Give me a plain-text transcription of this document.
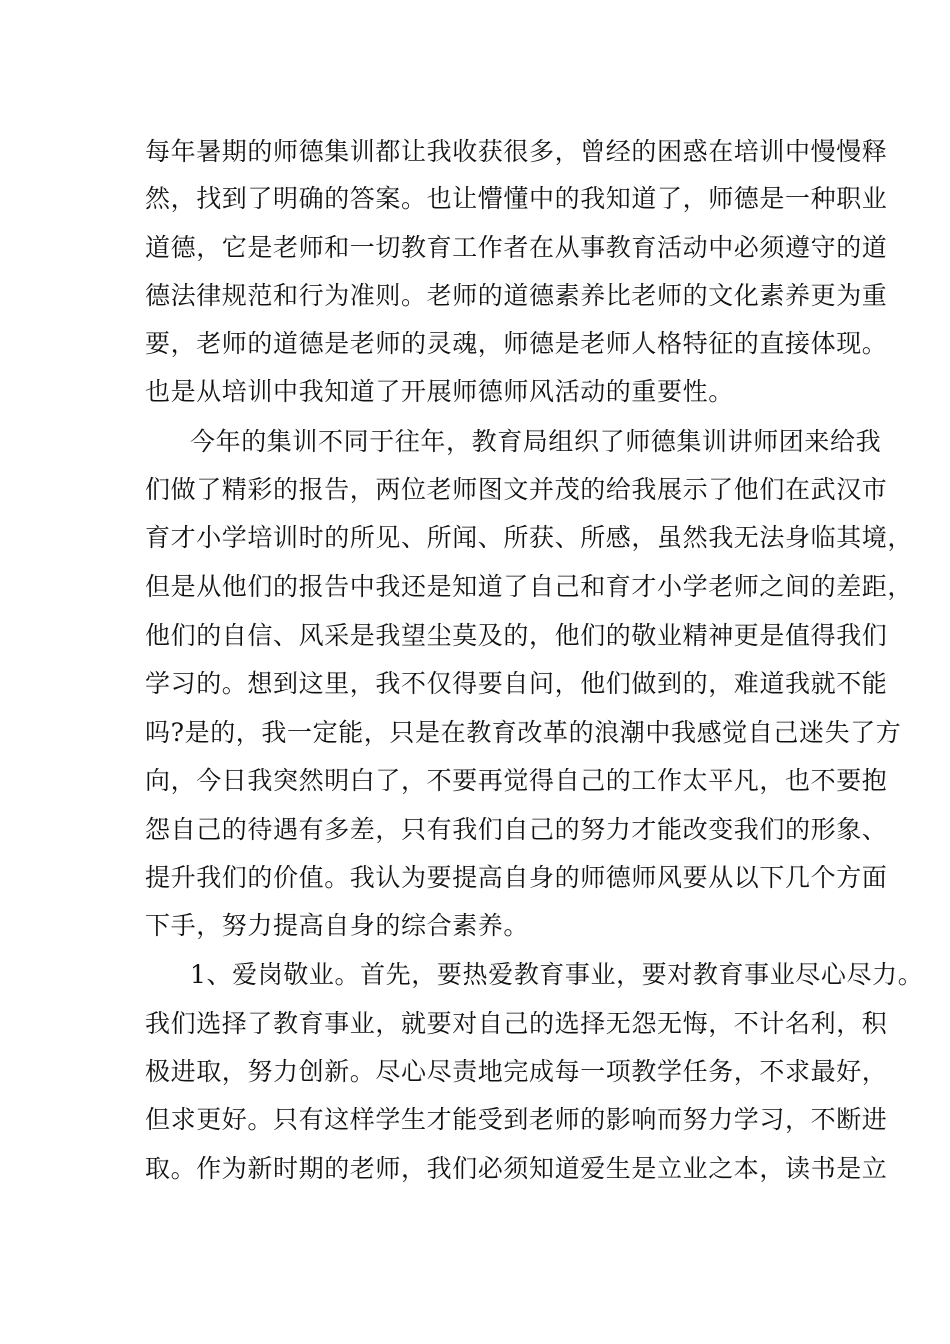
每年暑期的师德集训都让我收获很多，曾经的困惑在培训中慢慢释

然，找到了明确的答案。也让懵懂中的我知道了，师德是一种职业

道德，它是老师和一切教育工作者在从事教育活动中必须遵守的道

德法律规范和行为准则。老师的道德素养比老师的文化素养更为重

要，老师的道德是老师的灵魂，师德是老师人格特征的直接体现。

也是从培训中我知道了开展师德师风活动的重要性。

今年的集训不同于往年，教育局组织了师德集训讲师团来给我

们做了精彩的报告，两位老师图文并茂的给我展示了他们在武汉市

育才小学培训时的所见、所闻、所获、所感，虽然我无法身临其境，

但是从他们的报告中我还是知道了自己和育才小学老师之间的差距，

他们的自信、风采是我望尘莫及的，他们的敬业精神更是值得我们

学习的。想到这里，我不仅得要自问，他们做到的，难道我就不能

吗?是的，我一定能，只是在教育改革的浪潮中我感觉自己迷失了方

向，今日我突然明白了，不要再觉得自己的工作太平凡，也不要抱

怨自己的待遇有多差，只有我们自己的努力才能改变我们的形象、

提升我们的价值。我认为要提高自身的师德师风要从以下几个方面

下手，努力提高自身的综合素养。

1、爱岗敬业。首先，要热爱教育事业，要对教育事业尽心尽力。

我们选择了教育事业，就要对自己的选择无怨无悔，不计名利，积

极进取，努力创新。尽心尽责地完成每一项教学任务，不求最好，

但求更好。只有这样学生才能受到老师的影响而努力学习，不断进

取。作为新时期的老师，我们必须知道爱生是立业之本，读书是立
